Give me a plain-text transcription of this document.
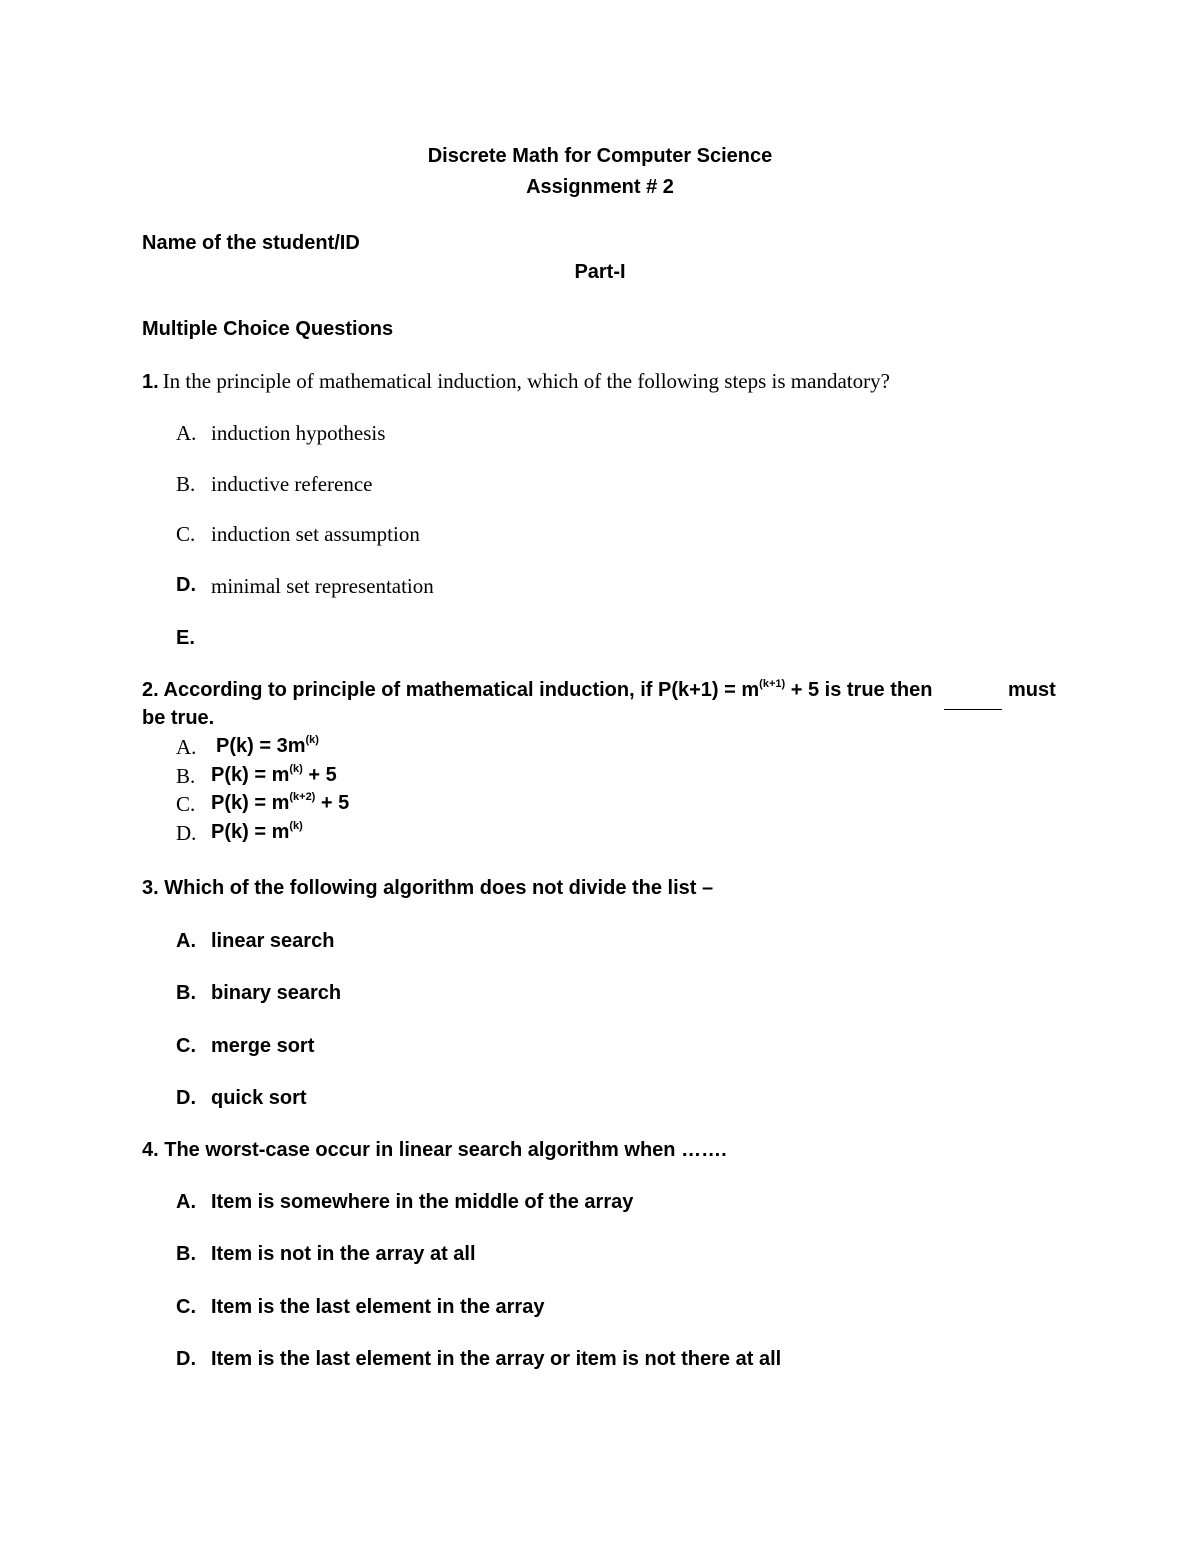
Discrete Math for Computer Science
Assignment # 2
Name of the student/ID
Part-I
Multiple Choice Questions
1. In the principle of mathematical induction, which of the following steps is mandatory?
A. induction hypothesis
B. inductive reference
C. induction set assumption
D. minimal set representation
E.
2. According to principle of mathematical induction, if $P(k+1) = m^{(k+1)} + 5$ is true then	must
be true.
A. $P(k) = 3m^{(k)}$
B. $P(k) = m^{(k)} + 5$
C. $P(k) = m^{(k+2)} + 5$
D. $P(k) = m^{(k)}$
3. Which of the following algorithm does not divide the list –
A. linear search
B. binary search
C. merge sort
D. quick sort
4. The worst-case occur in linear search algorithm when …….
A. Item is somewhere in the middle of the array
B. Item is not in the array at all
C. Item is the last element in the array
D. Item is the last element in the array or item is not there at all
